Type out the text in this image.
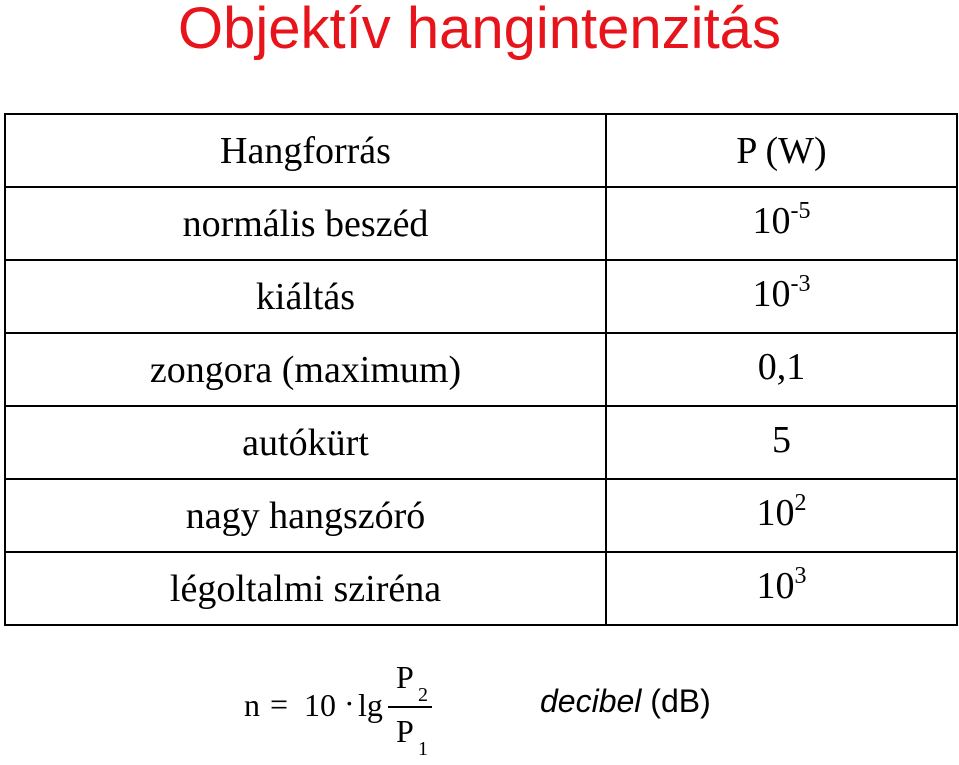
Objektív hangintenzitás
Hangforrás	P (W)
normális beszéd	$10^{-5}$
kiáltás	$10^{-3}$
zongora (maximum)	0,1
autókürt	5
nagy hangszóró	$10^2$
légoltalmi sziréna	$10^3$
n = 10 · lg
P 2
P 1
decibel (dB)
